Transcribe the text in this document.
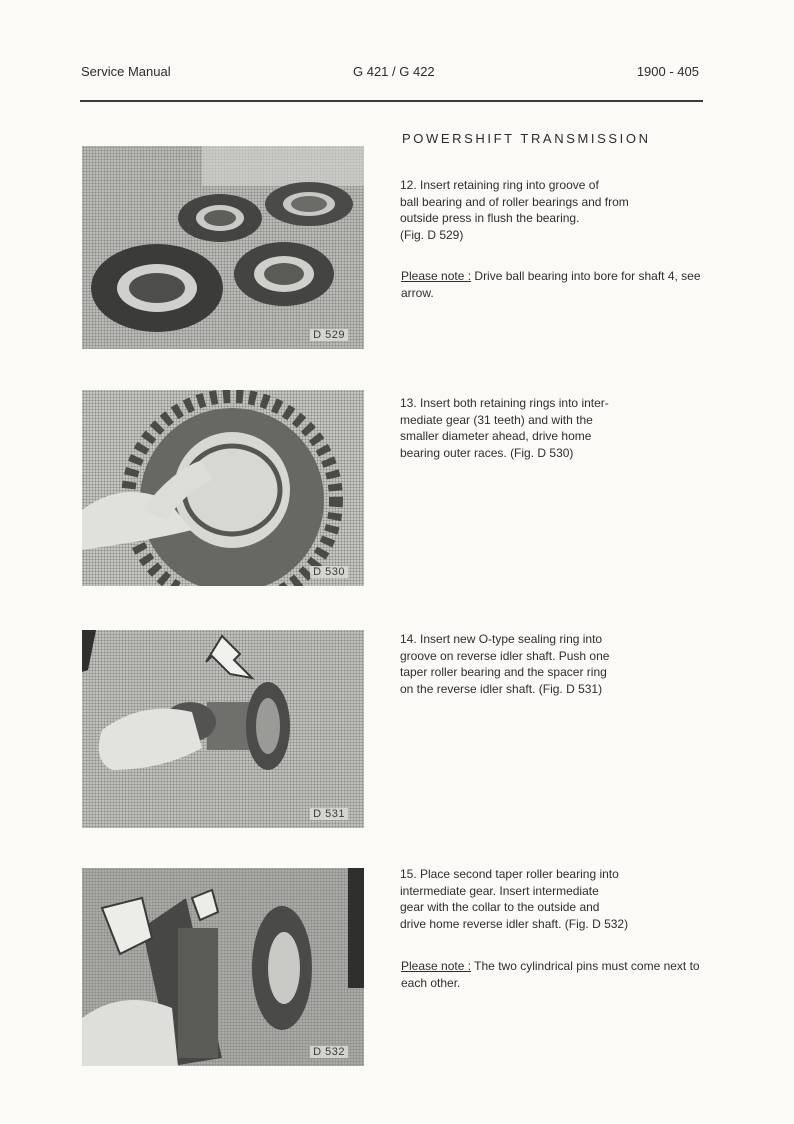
Service Manual	G 421 / G 422	1900 - 405
POWERSHIFT TRANSMISSION
D 529
12. Insert retaining ring into groove of
ball bearing and of roller bearings and from
outside press in flush the bearing.
(Fig. D 529)
Please note : Drive ball bearing into bore for shaft 4, see arrow.
D 530
13. Insert both retaining rings into inter-
mediate gear (31 teeth) and with the
smaller diameter ahead, drive home
bearing outer races. (Fig. D 530)
D 531
14. Insert new O-type sealing ring into
groove on reverse idler shaft. Push one
taper roller bearing and the spacer ring
on the reverse idler shaft. (Fig. D 531)
D 532
15. Place second taper roller bearing into
intermediate gear. Insert intermediate
gear with the collar to the outside and
drive home reverse idler shaft. (Fig. D 532)
Please note : The two cylindrical pins must come next to each other.
